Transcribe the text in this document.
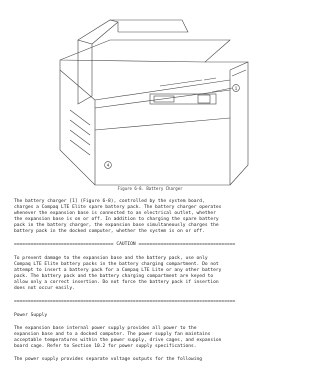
1
4
Figure 6-8. Battery Charger

The battery charger [1] (Figure 6-8), controlled by the system board,
charges a Compaq LTE Elite spare battery pack. The battery charger operates
whenever the expansion base is connected to an electrical outlet, whether
the expansion base is on or off. In addition to charging the spare battery
pack in the battery charger, the expansion base simultaneously charges the
battery pack in the docked computer, whether the system is on or off.

==================================== CAUTION ===================================

To prevent damage to the expansion base and the battery pack, use only
Compaq LTE Elite battery packs in the battery charging compartment. Do not
attempt to insert a battery pack for a Compaq LTE Lite or any other battery
pack. The battery pack and the battery charging compartment are keyed to
allow only a correct insertion. Do not force the battery pack if insertion
does not occur easily.

================================================================================

Power Supply

The expansion base internal power supply provides all power to the
expansion base and to a docked computer. The power supply fan maintains
acceptable temperatures within the power supply, drive cages, and expansion
board cage. Refer to Section 10.2 for power supply specifications.

The power supply provides separate voltage outputs for the following
